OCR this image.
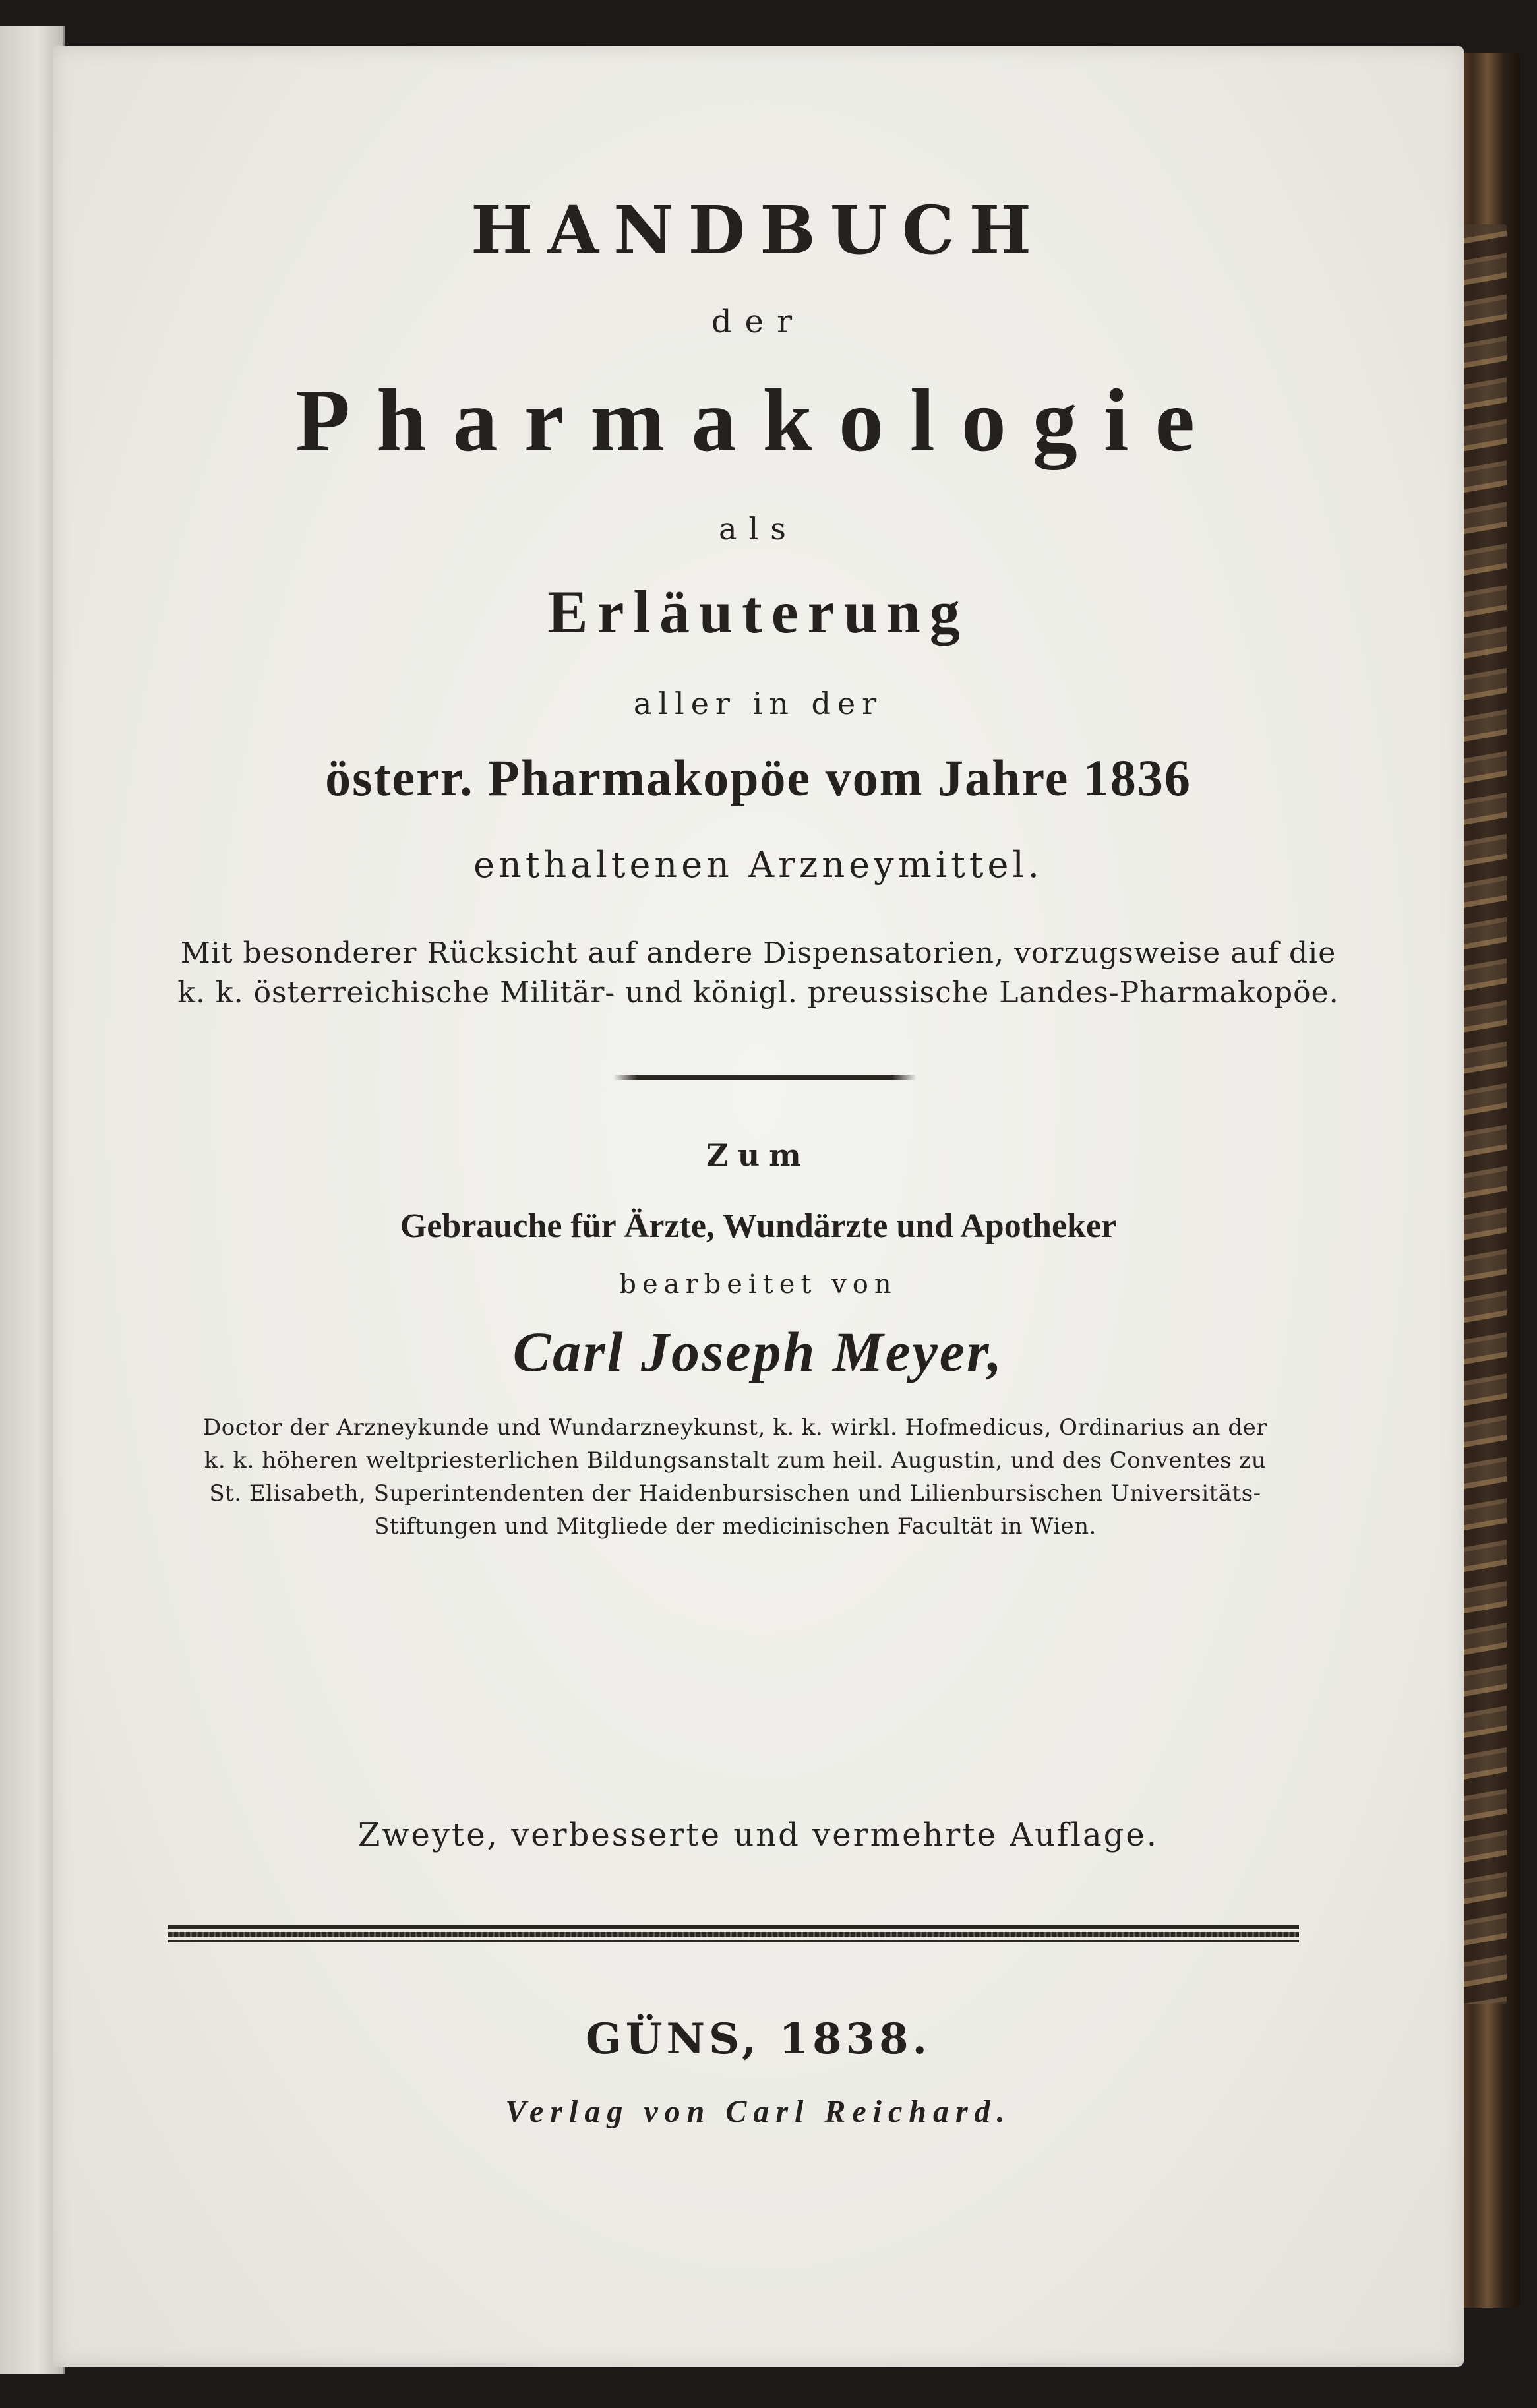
HANDBUCH
der
Pharmakologie
als
Erläuterung
aller in der
österr. Pharmakopöe vom Jahre 1836
enthaltenen Arzneymittel.
Mit besonderer Rücksicht auf andere Dispensatorien, vorzugsweise auf die
k. k. österreichische Militär- und königl. preussische Landes-Pharmakopöe.
Zum
Gebrauche für Ärzte, Wundärzte und Apotheker
bearbeitet von
Carl Joseph Meyer,
Doctor der Arzneykunde und Wundarzneykunst, k. k. wirkl. Hofmedicus, Ordinarius an der
k. k. höheren weltpriesterlichen Bildungsanstalt zum heil. Augustin, und des Conventes zu
St. Elisabeth, Superintendenten der Haidenbursischen und Lilienbursischen Universitäts-
Stiftungen und Mitgliede der medicinischen Facultät in Wien.
Zweyte, verbesserte und vermehrte Auflage.
GÜNS, 1838.
Verlag von Carl Reichard.
